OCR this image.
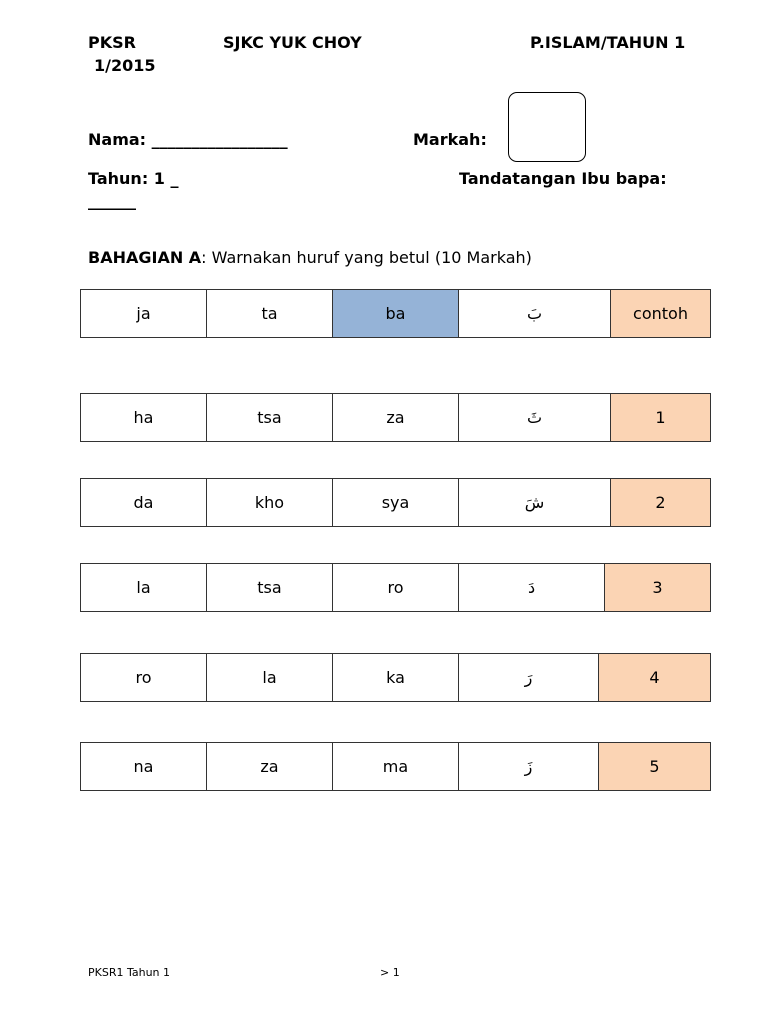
PKSR
1/2015
SJKC YUK CHOY	P.ISLAM/TAHUN 1
Nama: _________________	Markah:
Tahun: 1 _
______
Tandatangan Ibu bapa:
BAHAGIAN A: Warnakan huruf yang betul (10 Markah)
ja	ta	ba	بَ	contoh
ha	tsa	za	ثَ	1
da	kho	sya	شَ	2
la	tsa	ro	دَ	3
ro	la	ka	رَ	4
na	za	ma	زَ	5
PKSR1 Tahun 1	> 1
